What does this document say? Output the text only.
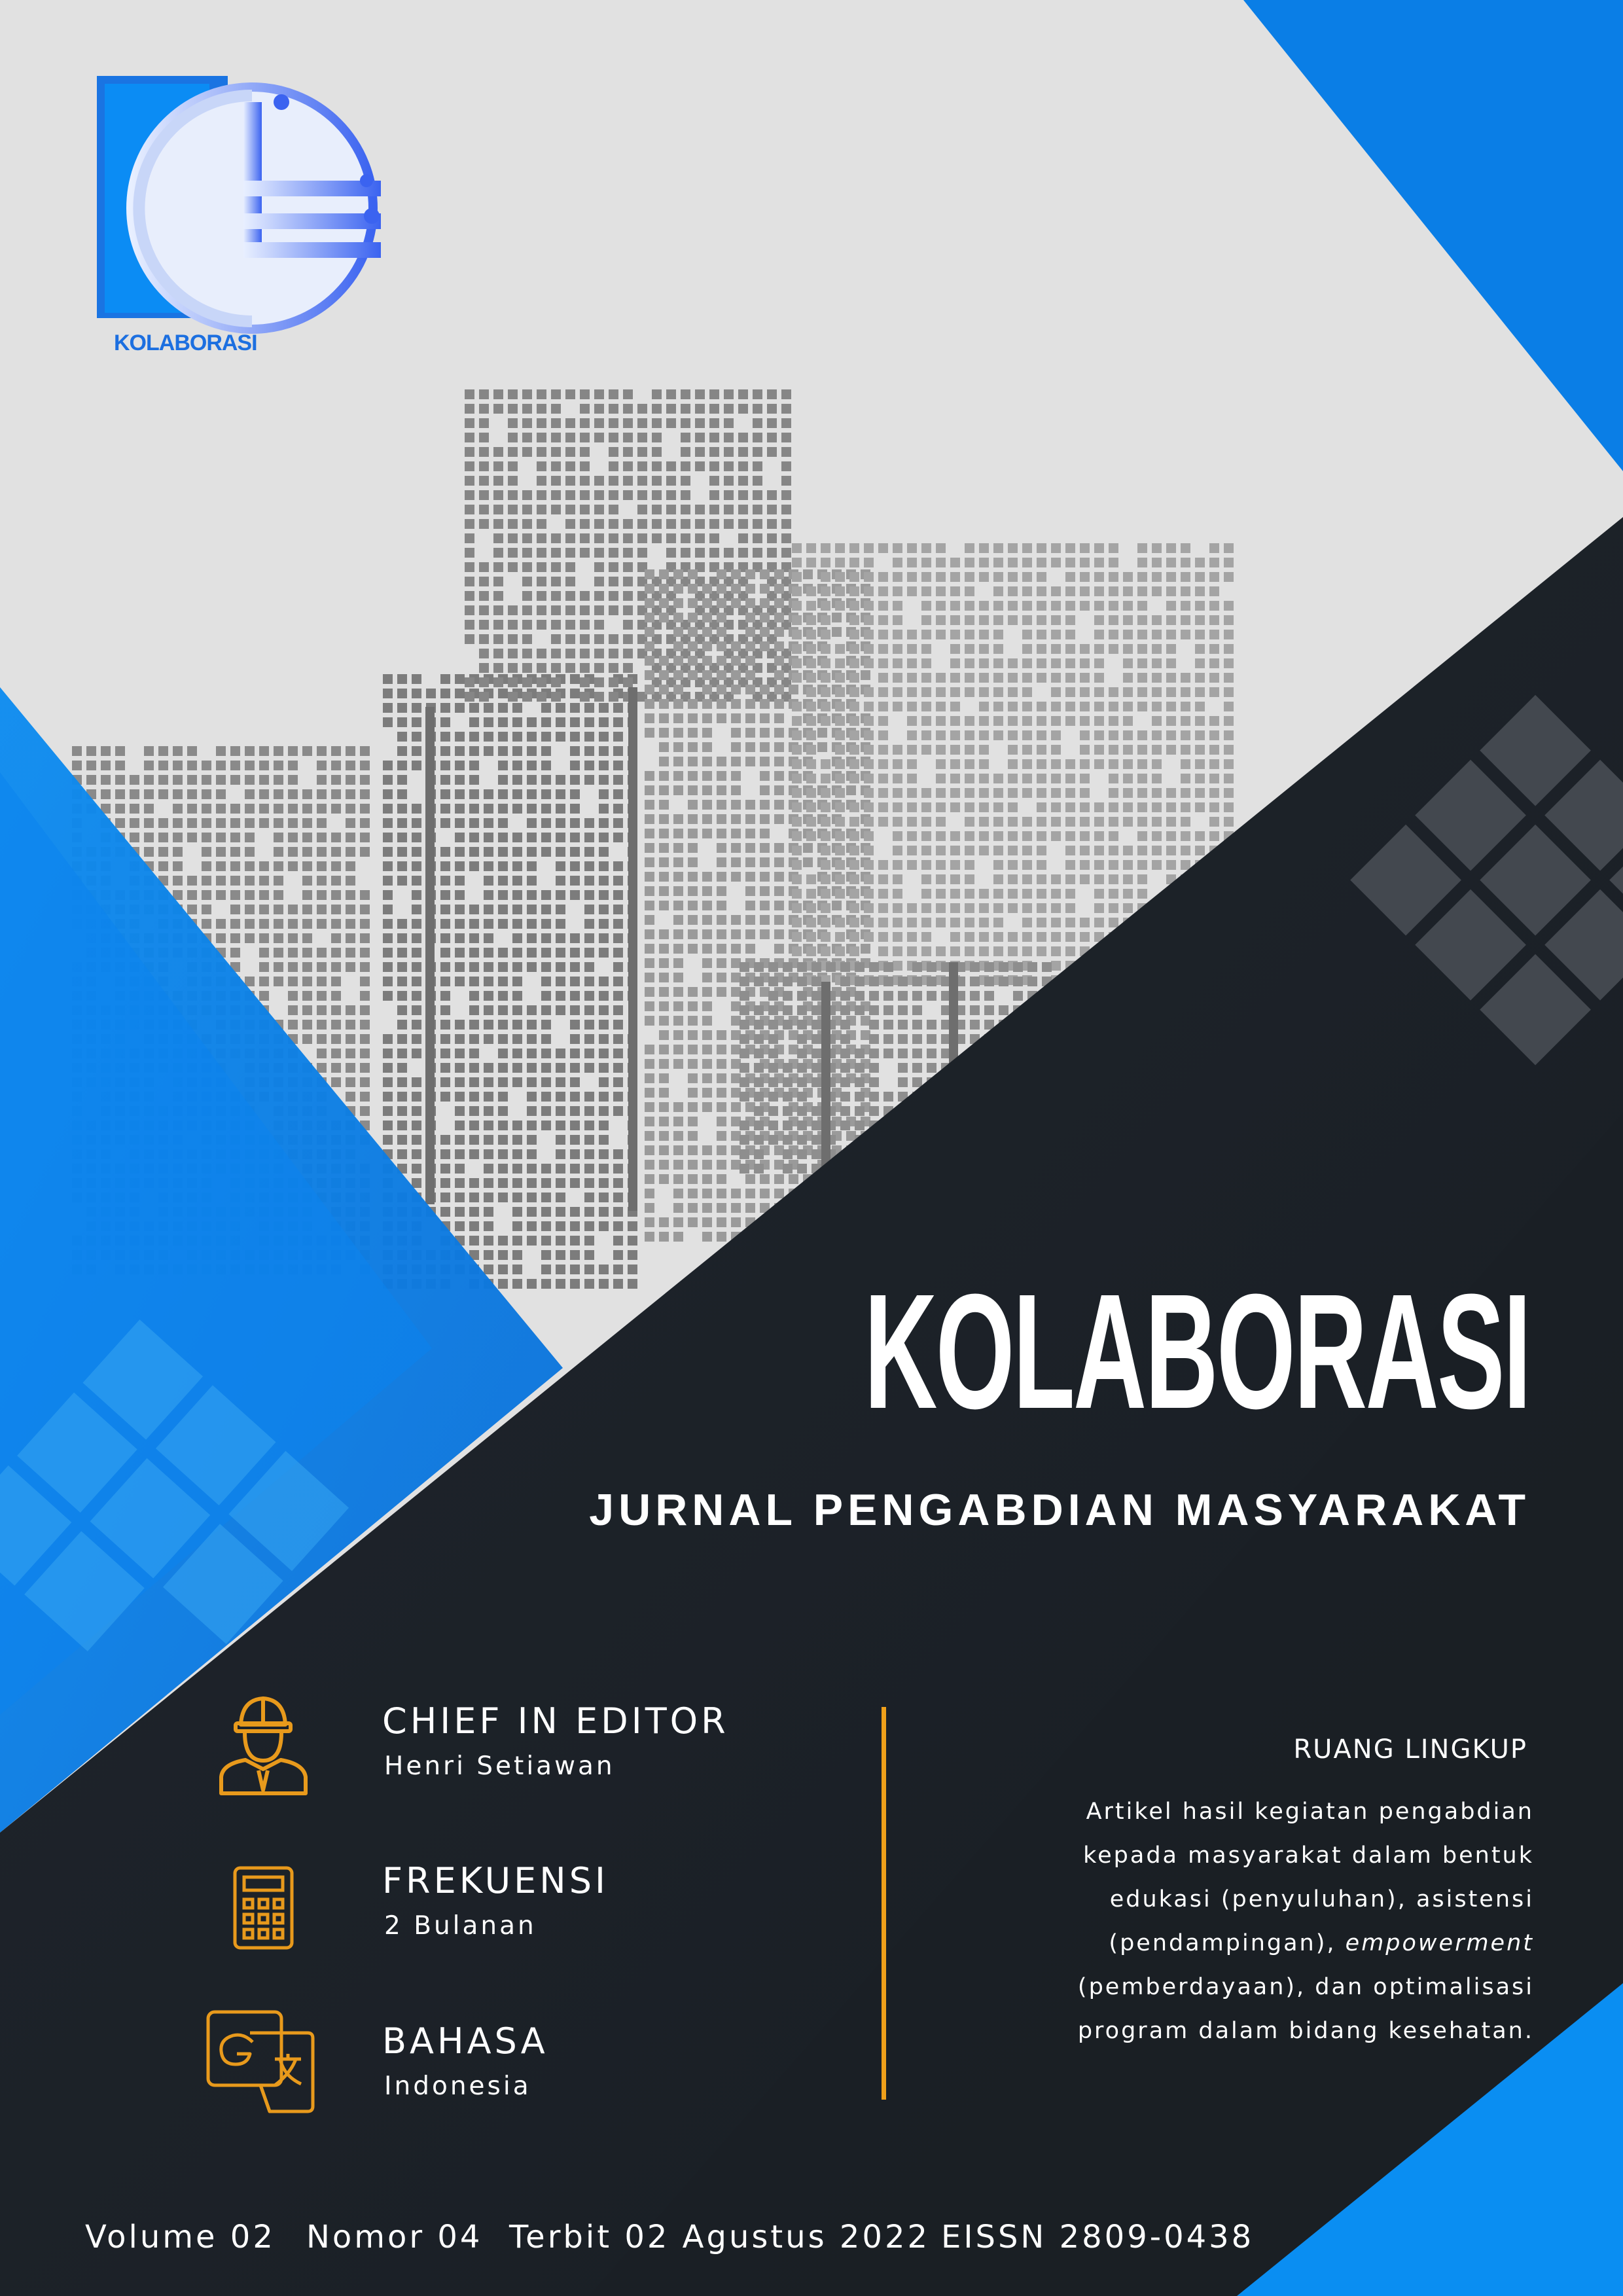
KOLABORASI
KOLABORASI
JURNAL PENGABDIAN MASYARAKAT
CHIEF IN EDITOR
Henri Setiawan
FREKUENSI
2 Bulanan
BAHASA
Indonesia
RUANG LINGKUP
Artikel hasil kegiatan pengabdian
kepada masyarakat dalam bentuk
edukasi (penyuluhan), asistensi
(pendampingan), empowerment
(pemberdayaan), dan optimalisasi
program dalam bidang kesehatan.
Volume 02 Nomor 04 Terbit 02 Agustus 2022 EISSN 2809-0438
